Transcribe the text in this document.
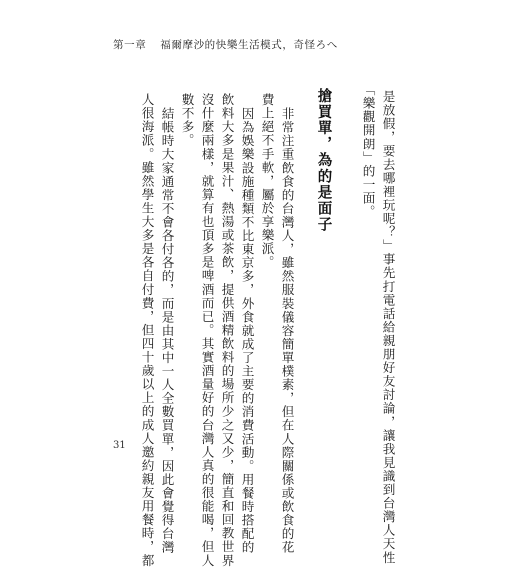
第一章 福爾摩沙的快樂生活模式，奇怪ろへ
是放假，要去哪裡玩呢？」事先打電話給親朋好友討論，讓我見識到台灣人天性
「樂觀開朗」的一面。
搶買單，為的是面子
非常注重飲食的台灣人，雖然服裝儀容簡單樸素，但在人際關係或飲食的花
費上絕不手軟，屬於享樂派。
因為娛樂設施種類不比東京多，外食就成了主要的消費活動。用餐時搭配的
飲料大多是果汁、熱湯或茶飲，提供酒精飲料的場所少之又少，簡直和回教世界
沒什麼兩樣，就算有也頂多是啤酒而已。其實酒量好的台灣人真的很能喝，但人
數不多。
結帳時大家通常不會各付各的，而是由其中一人全數買單，因此會覺得台灣
人很海派。雖然學生大多是各自付費，但四十歲以上的成人邀約親友用餐時，都
31
